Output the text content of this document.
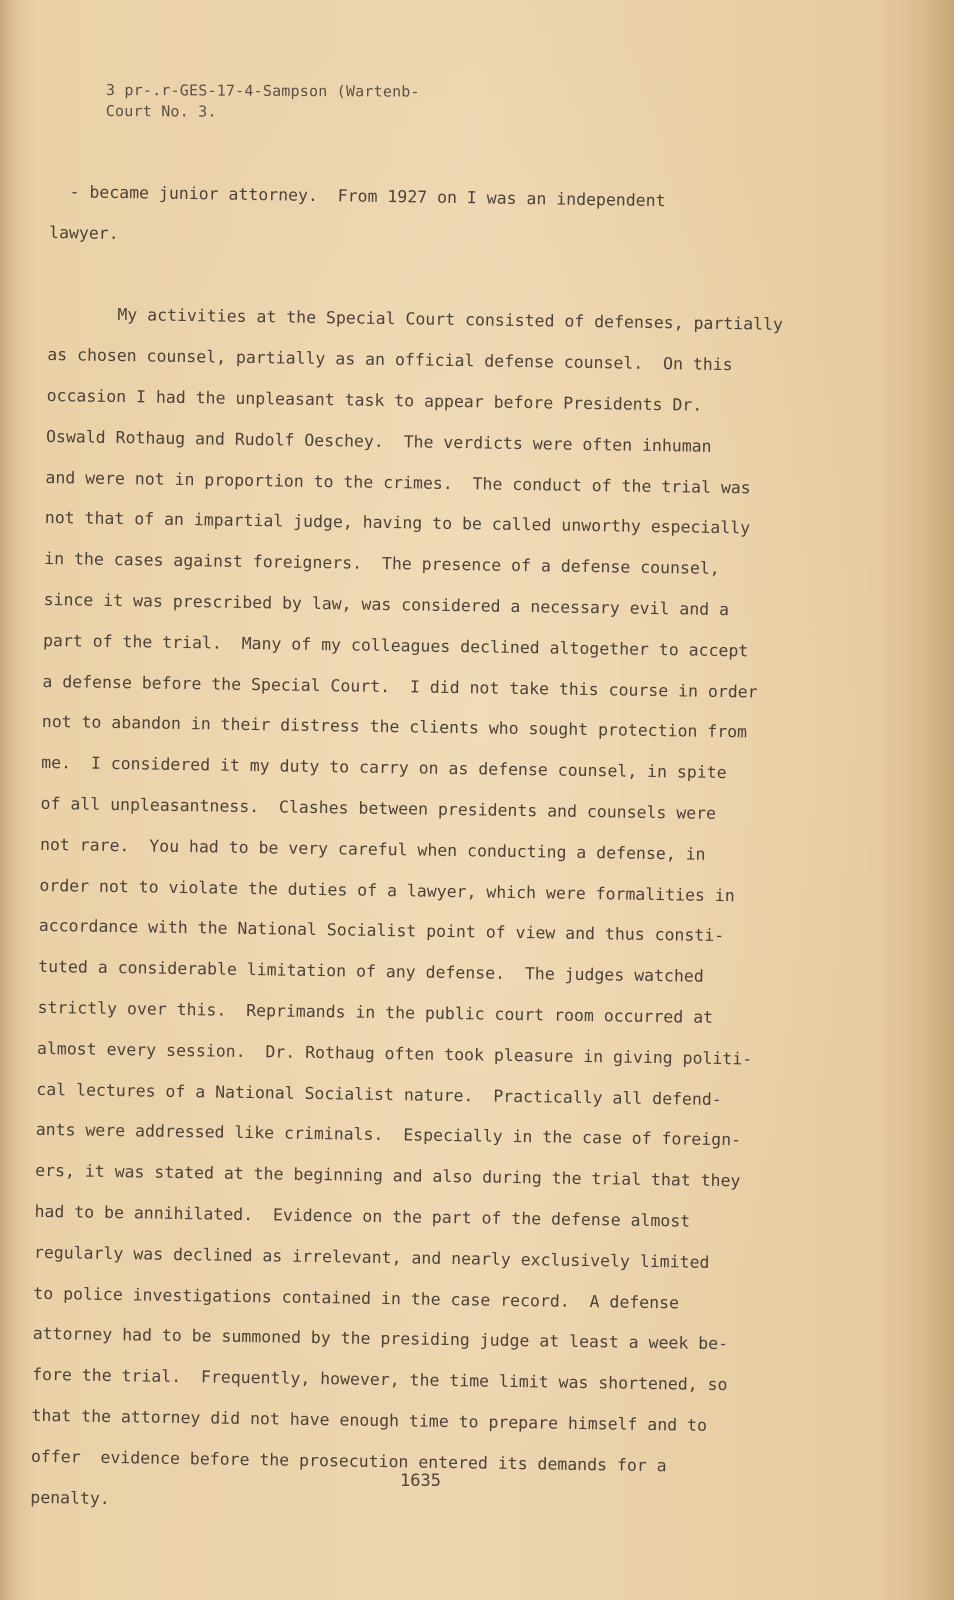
3 pr-.r-GES-17-4-Sampson (Wartenb-
Court No. 3.
- became junior attorney.  From 1927 on I was an independent
lawyer.
My activities at the Special Court consisted of defenses, partially
as chosen counsel, partially as an official defense counsel.  On this
occasion I had the unpleasant task to appear before Presidents Dr.
Oswald Rothaug and Rudolf Oeschey.  The verdicts were often inhuman
and were not in proportion to the crimes.  The conduct of the trial was
not that of an impartial judge, having to be called unworthy especially
in the cases against foreigners.  The presence of a defense counsel,
since it was prescribed by law, was considered a necessary evil and a
part of the trial.  Many of my colleagues declined altogether to accept
a defense before the Special Court.  I did not take this course in order
not to abandon in their distress the clients who sought protection from
me.  I considered it my duty to carry on as defense counsel, in spite
of all unpleasantness.  Clashes between presidents and counsels were
not rare.  You had to be very careful when conducting a defense, in
order not to violate the duties of a lawyer, which were formalities in
accordance with the National Socialist point of view and thus consti-
tuted a considerable limitation of any defense.  The judges watched
strictly over this.  Reprimands in the public court room occurred at
almost every session.  Dr. Rothaug often took pleasure in giving politi-
cal lectures of a National Socialist nature.  Practically all defend-
ants were addressed like criminals.  Especially in the case of foreign-
ers, it was stated at the beginning and also during the trial that they
had to be annihilated.  Evidence on the part of the defense almost
regularly was declined as irrelevant, and nearly exclusively limited
to police investigations contained in the case record.  A defense
attorney had to be summoned by the presiding judge at least a week be-
fore the trial.  Frequently, however, the time limit was shortened, so
that the attorney did not have enough time to prepare himself and to
offer  evidence before the prosecution entered its demands for a
penalty.
1635
